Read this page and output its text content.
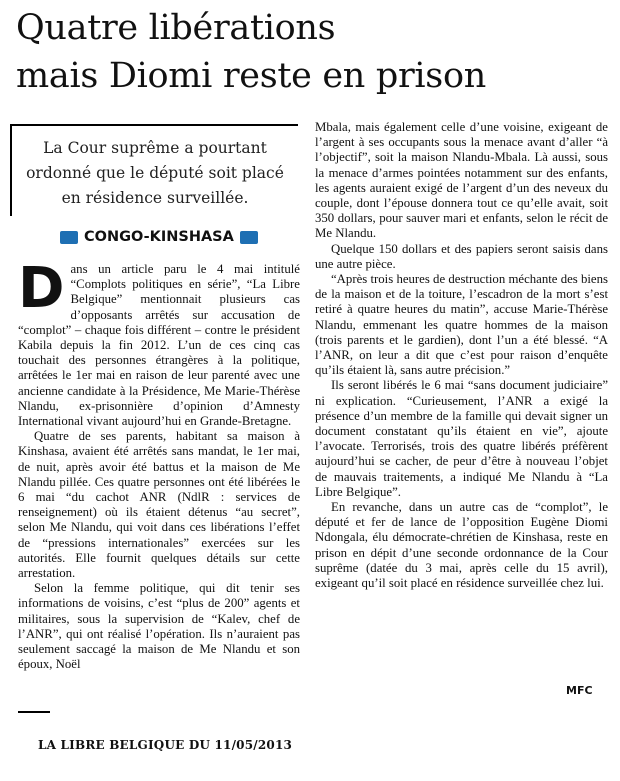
Quatre libérations
mais Diomi reste en prison
La Cour suprême a pourtant
ordonné que le député soit placé
en résidence surveillée.
CONGO-KINSHASA
D ans un article paru le 4 mai intitulé “Complots politiques en série”, “La Libre Belgique” mentionnait plusieurs cas d’opposants arrêtés sur accusation de “complot” – chaque fois différent – contre le président Kabila depuis la fin 2012. L’un de ces cinq cas touchait des personnes étrangères à la politique, arrêtées le 1er mai en raison de leur parenté avec une ancienne candidate à la Présidence, Me Marie-Thérèse Nlandu, ex-prisonnière d’opinion d’Amnesty International vivant aujourd’hui en Grande-Bretagne.

Quatre de ses parents, habitant sa maison à Kinshasa, avaient été arrêtés sans mandat, le 1er mai, de nuit, après avoir été battus et la maison de Me Nlandu pillée. Ces quatre personnes ont été libérées le 6 mai “du cachot ANR (NdlR : services de renseignement) où ils étaient détenus “au secret”, selon Me Nlandu, qui voit dans ces libérations l’effet de “pressions internationales” exercées sur les autorités. Elle fournit quelques détails sur cette arrestation.

Selon la femme politique, qui dit tenir ses informations de voisins, c’est “plus de 200” agents et militaires, sous la supervision de “Kalev, chef de l’ANR”, qui ont réalisé l’opération. Ils n’auraient pas seulement saccagé la maison de Me Nlandu et son époux, Noël

Mbala, mais également celle d’une voisine, exigeant de l’argent à ses occupants sous la menace avant d’aller “à l’objectif”, soit la maison Nlandu-Mbala. Là aussi, sous la menace d’armes pointées notamment sur des enfants, les agents auraient exigé de l’argent d’un des neveux du couple, dont l’épouse donnera tout ce qu’elle avait, soit 350 dollars, pour sauver mari et enfants, selon le récit de Me Nlandu.

Quelque 150 dollars et des papiers seront saisis dans une autre pièce.

“Après trois heures de destruction méchante des biens de la maison et de la toiture, l’escadron de la mort s’est retiré à quatre heures du matin”, accuse Marie-Thérèse Nlandu, emmenant les quatre hommes de la maison (trois parents et le gardien), dont l’un a été blessé. “A l’ANR, on leur a dit que c’est pour raison d’enquête qu’ils étaient là, sans autre précision.”

Ils seront libérés le 6 mai “sans document judiciaire” ni explication. “Curieusement, l’ANR a exigé la présence d’un membre de la famille qui devait signer un document constatant qu’ils étaient en vie”, ajoute l’avocate. Terrorisés, trois des quatre libérés préfèrent aujourd’hui se cacher, de peur d’être à nouveau l’objet de mauvais traitements, a indiqué Me Nlandu à “La Libre Belgique”.

En revanche, dans un autre cas de “complot”, le député et fer de lance de l’opposition Eugène Diomi Ndongala, élu démocrate-chrétien de Kinshasa, reste en prison en dépit d’une seconde ordonnance de la Cour suprême (datée du 3 mai, après celle du 15 avril), exigeant qu’il soit placé en résidence surveillée chez lui.

MFC
LA LIBRE BELGIQUE DU 11/05/2013
